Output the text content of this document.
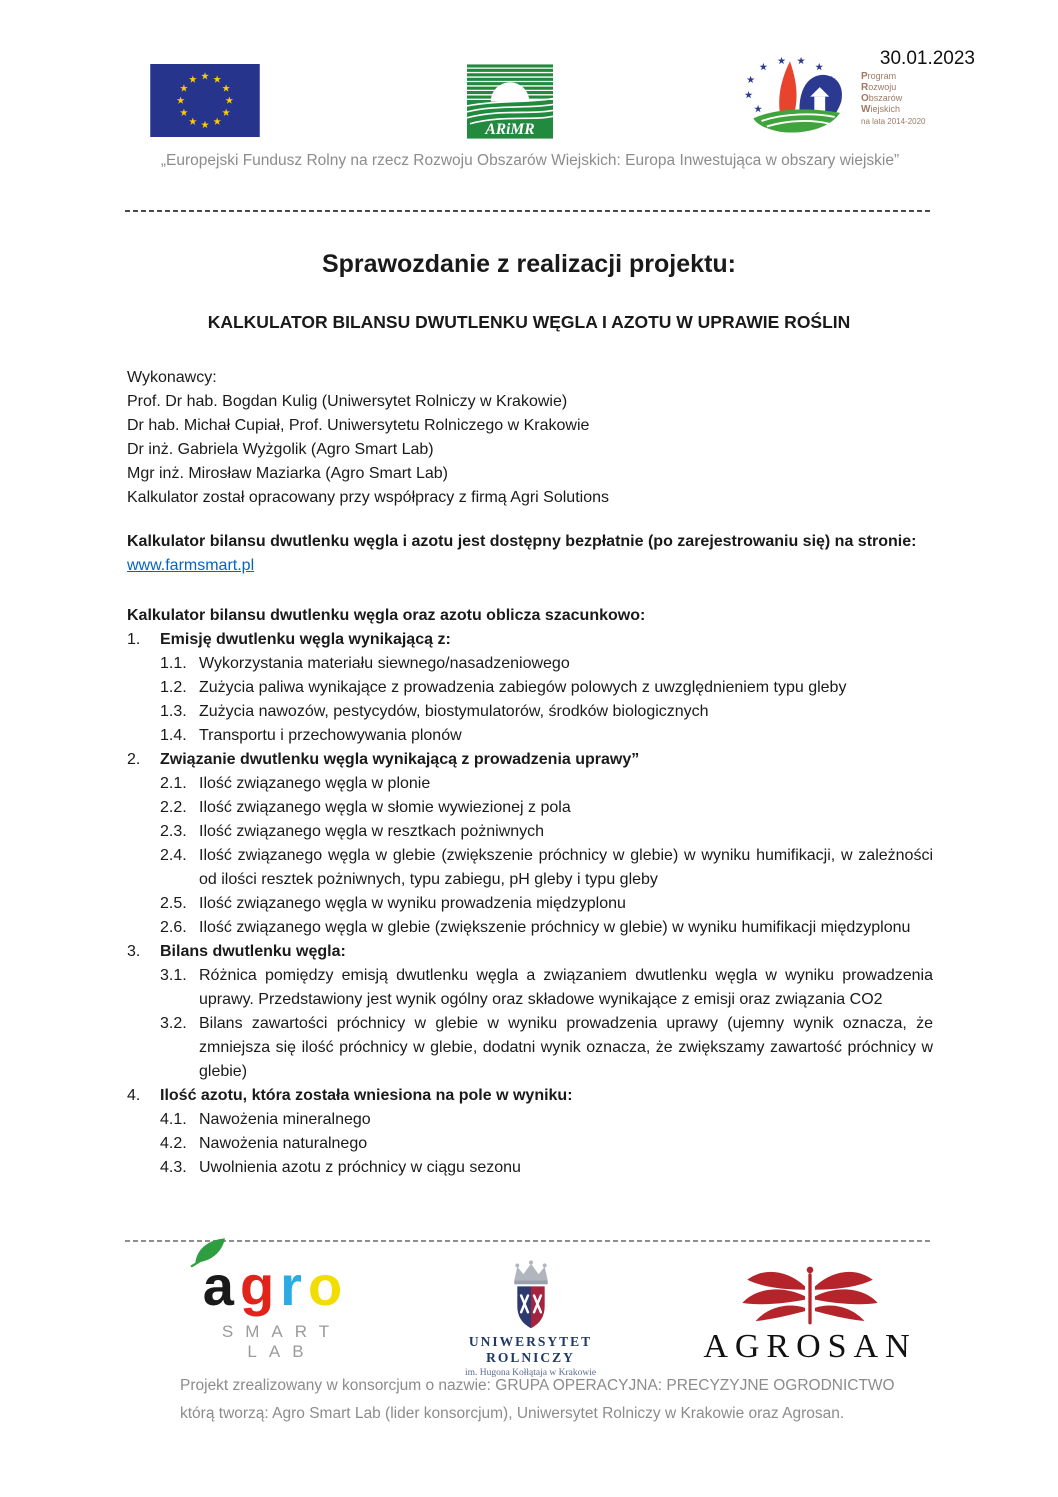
30.01.2023
ARiMR
Program
Rozwoju
Obszarów
Wiejskich
na lata 2014-2020
„Europejski Fundusz Rolny na rzecz Rozwoju Obszarów Wiejskich: Europa Inwestująca w obszary wiejskie”
Sprawozdanie z realizacji projektu:
KALKULATOR BILANSU DWUTLENKU WĘGLA I AZOTU W UPRAWIE ROŚLIN
Wykonawcy:
Prof. Dr hab. Bogdan Kulig (Uniwersytet Rolniczy w Krakowie)
Dr hab. Michał Cupiał, Prof. Uniwersytetu Rolniczego w Krakowie
Dr inż. Gabriela Wyżgolik (Agro Smart Lab)
Mgr inż. Mirosław Maziarka (Agro Smart Lab)
Kalkulator został opracowany przy współpracy z firmą Agri Solutions
Kalkulator bilansu dwutlenku węgla i azotu jest dostępny bezpłatnie (po zarejestrowaniu się) na stronie:
www.farmsmart.pl
Kalkulator bilansu dwutlenku węgla oraz azotu oblicza szacunkowo:
1.	Emisję dwutlenku węgla wynikającą z:
1.1. Wykorzystania materiału siewnego/nasadzeniowego
1.2. Zużycia paliwa wynikające z prowadzenia zabiegów polowych z uwzględnieniem typu gleby
1.3. Zużycia nawozów, pestycydów, biostymulatorów, środków biologicznych
1.4. Transportu i przechowywania plonów
2.	Związanie dwutlenku węgla wynikającą z prowadzenia uprawy”
2.1. Ilość związanego węgla w plonie
2.2. Ilość związanego węgla w słomie wywiezionej z pola
2.3. Ilość związanego węgla w resztkach pożniwnych
2.4. Ilość związanego węgla w glebie (zwiększenie próchnicy w glebie) w wyniku humifikacji, w zależności od ilości resztek pożniwnych, typu zabiegu, pH gleby i typu gleby
2.5. Ilość związanego węgla w wyniku prowadzenia międzyplonu
2.6. Ilość związanego węgla w glebie (zwiększenie próchnicy w glebie) w wyniku humifikacji międzyplonu
3.	Bilans dwutlenku węgla:
3.1. Różnica pomiędzy emisją dwutlenku węgla a związaniem dwutlenku węgla w wyniku prowadzenia uprawy. Przedstawiony jest wynik ogólny oraz składowe wynikające z emisji oraz związania CO2
3.2. Bilans zawartości próchnicy w glebie w wyniku prowadzenia uprawy (ujemny wynik oznacza, że zmniejsza się ilość próchnicy w glebie, dodatni wynik oznacza, że zwiększamy zawartość próchnicy w glebie)
4.	Ilość azotu, która została wniesiona na pole w wyniku:
4.1. Nawożenia mineralnego
4.2. Nawożenia naturalnego
4.3. Uwolnienia azotu z próchnicy w ciągu sezonu
agro
SMART LAB
UNIWERSYTET ROLNICZY
im. Hugona Kołłątaja w Krakowie
AGROSAN
Projekt zrealizowany w konsorcjum o nazwie: GRUPA OPERACYJNA: PRECYZYJNE OGRODNICTWO
którą tworzą: Agro Smart Lab (lider konsorcjum), Uniwersytet Rolniczy w Krakowie oraz Agrosan.
